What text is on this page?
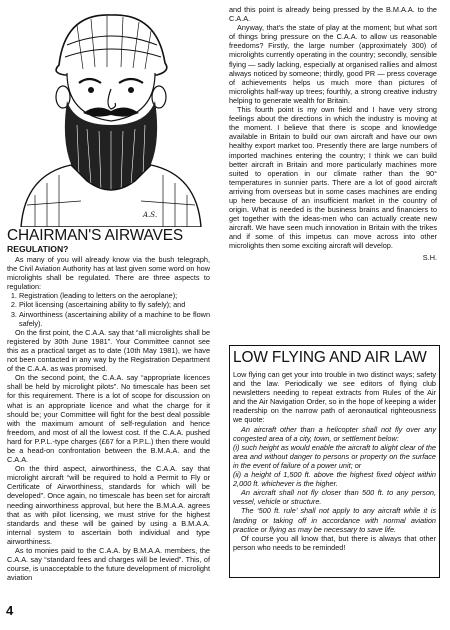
A.S.
CHAIRMAN'S AIRWAVES
REGULATION?

As many of you will already know via the bush telegraph, the Civil Aviation Authority has at last given some word on how microlights shall be regulated. There are three aspects to regulation:

1. Registration (leading to letters on the aeroplane);
2. Pilot licensing (ascertaining ability to fly safely); and
3. Airworthiness (ascertaining ability of a machine to be flown safely).

On the first point, the C.A.A. say that “all microlights shall be registered by 30th June 1981”. Your Committee cannot see this as a practical target as to date (10th May 1981), we have not been contacted in any way by the Registration Department of the C.A.A. as was promised.

On the second point, the C.A.A. say “appropriate licences shall be held by microlight pilots”. No timescale has been set for this requirement. There is a lot of scope for discussion on what is an appropriate licence and what the charge for it should be; your Committee will fight for the best deal possible with the maximum amount of self-regulation and hence freedom, and most of all the lowest cost. If the C.A.A. pushed hard for P.P.L.-type charges (£67 for a P.P.L.) then there would be a head-on confrontation between the B.M.A.A. and the C.A.A.

On the third aspect, airworthiness, the C.A.A. say that microlight aircraft “will be required to hold a Permit to Fly or Certificate of Airworthiness, standards for which will be developed”. Once again, no timescale has been set for aircraft needing airworthiness approval, but here the B.M.A.A. agrees that as with pilot licensing, we must strive for the highest standards and these will be gained by using a B.M.A.A. internal system to ascertain both individual and type airworthiness.

As to monies paid to the C.A.A. by B.M.A.A. members, the C.A.A. say “standard fees and charges will be levied”. This, of course, is unacceptable to the future development of microlight aviation

and this point is already being pressed by the B.M.A.A. to the C.A.A.

Anyway, that's the state of play at the moment; but what sort of things bring pressure on the C.A.A. to allow us reasonable freedoms? Firstly, the large number (approximately 300) of microlights currently operating in the country; secondly, sensible flying — sadly lacking, especially at organised rallies and almost always noticed by someone; thirdly, good PR — press coverage of achievements helps us much more than pictures of microlights half-way up trees; fourthly, a strong creative industry helping to generate wealth for Britain.

This fourth point is my own field and I have very strong feelings about the directions in which the industry is moving at the moment. I believe that there is scope and knowledge available in Britain to build our own aircraft and have our own healthy export market too. Presently there are large numbers of imported machines entering the country; I think we can build better aircraft in Britain and more particularly machines more suited to operation in our climate rather than the 90° temperatures in sunnier parts. There are a lot of good aircraft arriving from overseas but in some cases machines are ending up here because of an insufficient market in the country of origin. What is needed is the business brains and financiers to get together with the ideas-men who can actually create new aircraft. We have seen much innovation in Britain with the trikes and if some of this impetus can move across into other microlights then some exciting aircraft will develop.

S.H.

LOW FLYING AND AIR LAW

Low flying can get your into trouble in two distinct ways; safety and the law. Periodically we see editors of flying club newsletters needing to repeat extracts from Rules of the Air and the Air Navigation Order, so in the hope of keeping a wider readership on the narrow path of aeronautical righteousness we quote:

An aircraft other than a helicopter shall not fly over any congested area of a city, town, or settlement below:

(i) such height as would enable the aircraft to alight clear of the area and without danger to persons or property on the surface in the event of failure of a power unit; or

(ii) a height of 1,500 ft. above the highest fixed object within 2,000 ft. whichever is the higher.

An aircraft shall not fly closer than 500 ft. to any person, vessel, vehicle or structure.

The ‘500 ft. rule’ shall not apply to any aircraft while it is landing or taking off in accordance with normal aviation practice or flying as may be necessary to save life.

Of course you all know that, but there is always that other person who needs to be reminded!

4
